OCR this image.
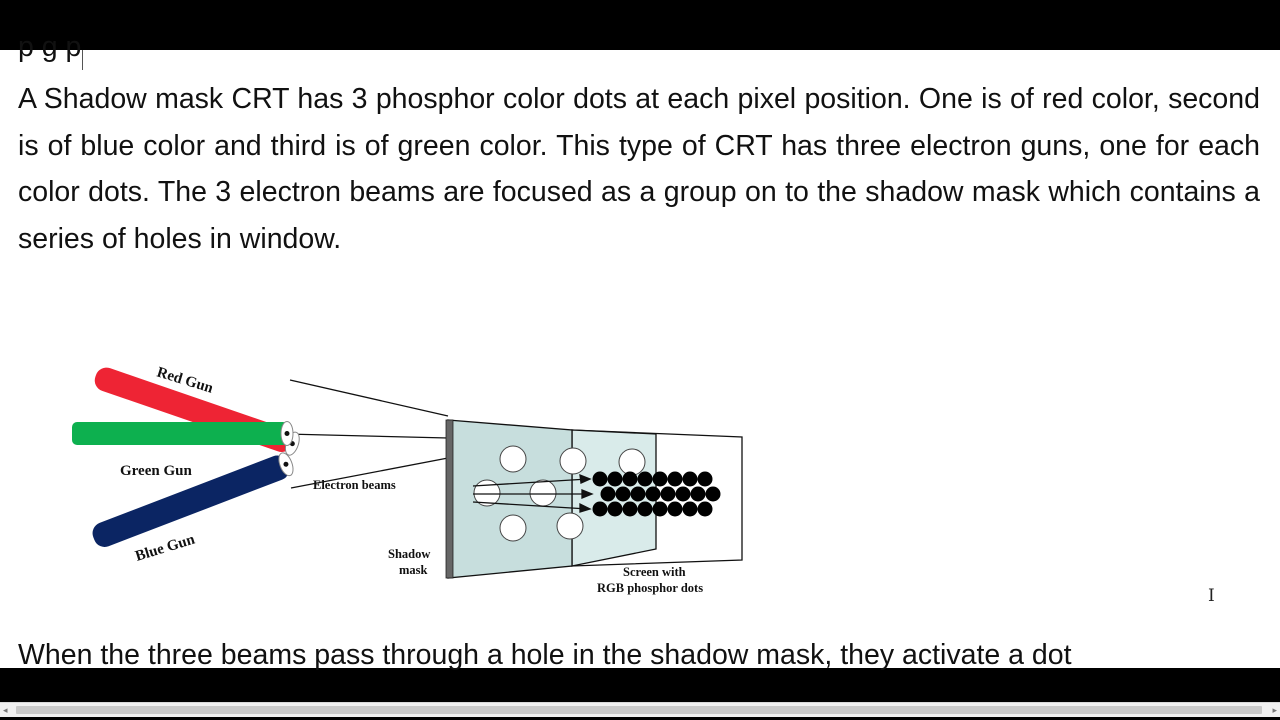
p g p

A Shadow mask CRT has 3 phosphor color dots at each pixel position. One is of red color, second is of blue color and third is of green color. This type of CRT has three electron guns, one for each color dots. The 3 electron beams are focused as a group on to the shadow mask which contains a series of holes in window.

Red Gun
Green Gun
Blue Gun
Electron beams
Shadow
mask	Screen with
RGB phosphor dots
When the three beams pass through a hole in the shadow mask, they activate a dot
I
◂	▸
